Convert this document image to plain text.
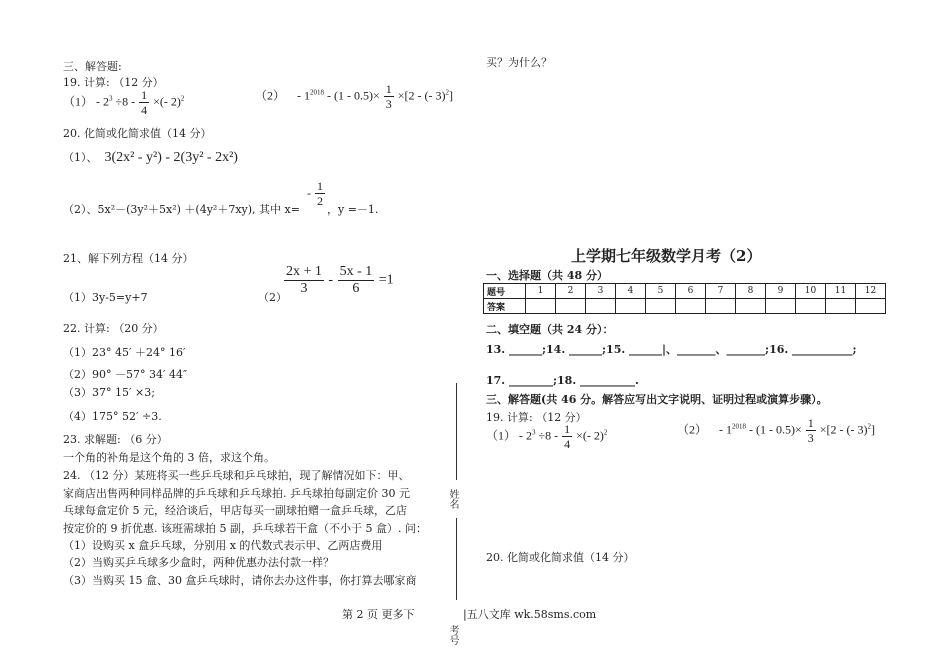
三、解答题:
19. 计算: （12 分）
$(1) - 2^3 \div 8 - \frac{1}{4}$ ×(- 2)$^2$	$(2) - 1^{2018} - (1 - 0.5)\times \frac{1}{3} \times[2$ - (- 3)$^2$]
20. 化简或化简求值（14 分）
（1）、 3(2x² - y²) - 2(3y² - 2x²)
（2）、5x²－(3y²＋5x²) ＋(4y²＋7xy), 其中 x=
- $\frac{1}{2}$
，y =－1.
21、解下列方程（14 分）
（1）3y-5=y+7	（2）
$\frac{2x + 1}{3} - \frac{5x - 1}{6} =1$
22. 计算: （20 分）
（1）23° 45′ ＋24° 16′
（2）90° －57° 34′ 44″
（3）37° 15′ ×3;
（4）175° 52′ ÷3.
23. 求解题: （6 分）
一个角的补角是这个角的 3 倍，求这个角。
24. （12 分）某班将买一些乒乓球和乒乓球拍，现了解情况如下：甲、
家商店出售两种同样品牌的乒乓球和乒乓球拍. 乒乓球拍每副定价 30 元
乓球每盒定价 5 元，经洽谈后，甲店每买一副球拍赠一盒乒乓球，乙店
按定价的 9 折优惠. 该班需球拍 5 副，乒乓球若干盒（不小于 5 盒）. 问：
（1）设购买 x 盒乒乓球，分别用 x 的代数式表示甲、乙两店费用
（2）当购买乒乓球多少盒时，两种优惠办法付款一样？
（3）当购买 15 盒、30 盒乒乓球时，请你去办这件事，你打算去哪家商
第 2 页 更多下
姓名
考号
|五八文库 wk.58sms.com
买？为什么？
上学期七年级数学月考（2）
一、选择题（共 48 分）
题号	1	2	3	4	5	6	7	8	9	10	11	12
答案												
二、填空题（共 24 分）：
13. ______;14. ______;15. ______|、_______、_______;16. ___________;
17. ________;18. __________.
三、解答题(共 46 分。解答应写出文字说明、证明过程或演算步骤）。
19. 计算: （12 分）
$(1) - 2^3 \div 8 - \frac{1}{4}$ ×(- 2)$^2$	$(2) - 1^{2018} - (1 - 0.5)\times \frac{1}{3} \times[2$ - (- 3)$^2$]
20. 化简或化简求值（14 分）
